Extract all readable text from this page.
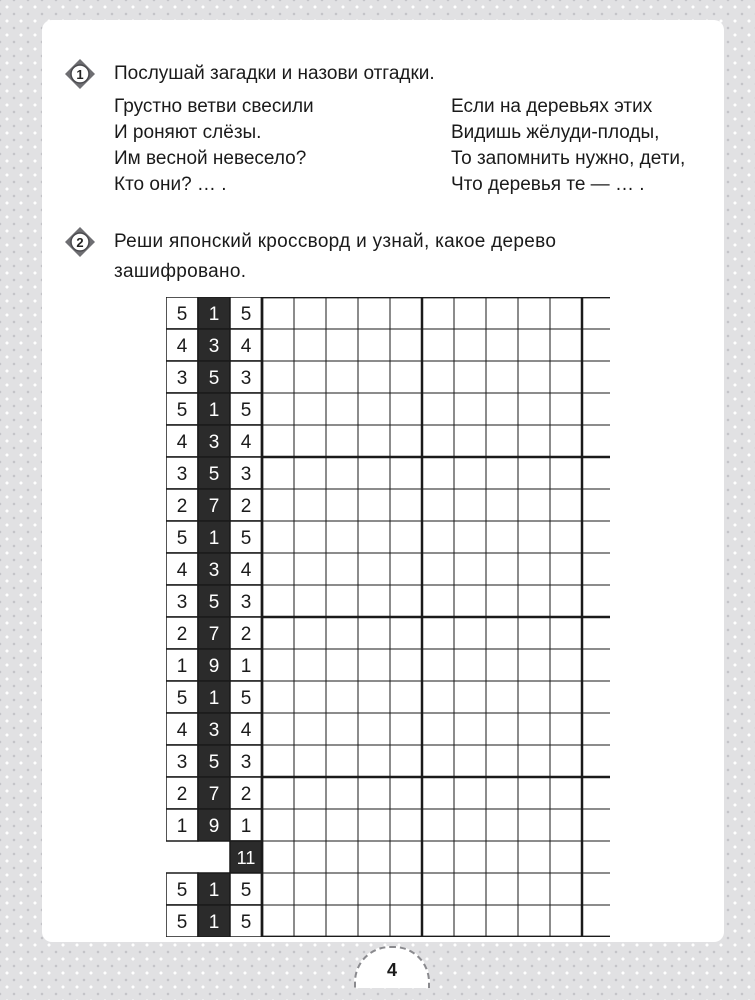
1 Послушай загадки и назови отгадки.
Грустно ветви свесили
И роняют слёзы.
Им весной невесело?
Кто они? … .
Если на деревьях этих
Видишь жёлуди-плоды,
То запомнить нужно, дети,
Что деревья те — … .
2 Реши японский кроссворд и узнай, какое дерево зашифровано.
5 1 5
4 3 4
3 5 3
5 1 5
4 3 4
3 5 3
2 7 2
5 1 5
4 3 4
3 5 3
2 7 2
1 9 1
5 1 5
4 3 4
3 5 3
2 7 2
1 9 1
11
5 1 5
5 1 5
4
